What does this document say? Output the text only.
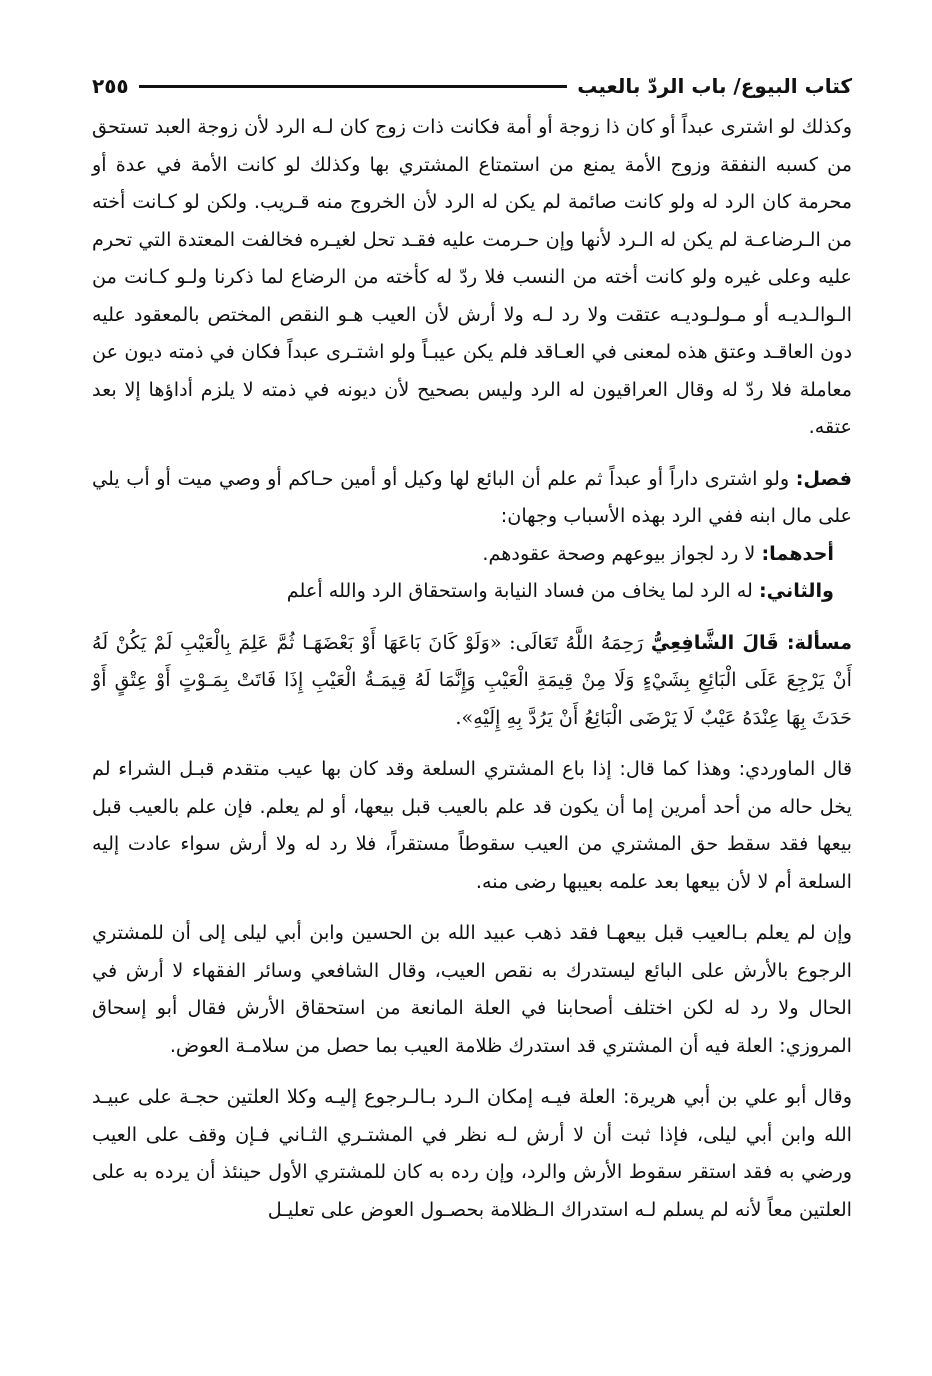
كتاب البيوع/ باب الردّ بالعيب
٢٥٥

وكذلك لو اشترى عبداً أو كان ذا زوجة أو أمة فكانت ذات زوج كان لـه الرد لأن زوجة العبد تستحق من كسبه النفقة وزوج الأمة يمنع من استمتاع المشتري بها وكذلك لو كانت الأمة في عدة أو محرمة كان الرد له ولو كانت صائمة لم يكن له الرد لأن الخروج منه قـريب. ولكن لو كـانت أخته من الـرضاعـة لم يكن له الـرد لأنها وإن حـرمت عليه فقـد تحل لغيـره فخالفت المعتدة التي تحرم عليه وعلى غيره ولو كانت أخته من النسب فلا ردّ له كأخته من الرضاع لما ذكرنا ولـو كـانت من الـوالـديـه أو مـولـوديـه عتقت ولا رد لـه ولا أرش لأن العيب هـو النقص المختص بالمعقود عليه دون العاقـد وعتق هذه لمعنى في العـاقد فلم يكن عيبـاً ولو اشتـرى عبداً فكان في ذمته ديون عن معاملة فلا ردّ له وقال العراقيون له الرد وليس بصحيح لأن ديونه في ذمته لا يلزم أداؤها إلا بعد عتقه.

فصل: ولو اشترى داراً أو عبداً ثم علم أن البائع لها وكيل أو أمين حـاكم أو وصي ميت أو أب يلي على مال ابنه ففي الرد بهذه الأسباب وجهان:

أحدهما: لا رد لجواز بيوعهم وصحة عقودهم.

والثاني: له الرد لما يخاف من فساد النيابة واستحقاق الرد والله أعلم

مسألة: قَالَ الشَّافِعِيُّ رَحِمَهُ اللَّهُ تَعَالَى: «وَلَوْ كَانَ بَاعَهَا أَوْ بَعْضَهَـا ثُمَّ عَلِمَ بِالْعَيْبِ لَمْ يَكُنْ لَهُ أَنْ يَرْجِعَ عَلَى الْبَائِعِ بِشَيْءٍ وَلَا مِنْ قِيمَةِ الْعَيْبِ وَإِنَّمَا لَهُ قِيمَـةُ الْعَيْبِ إِذَا فَاتَتْ بِمَـوْتٍ أَوْ عِتْقٍ أَوْ حَدَثَ بِهَا عِنْدَهُ عَيْبٌ لَا يَرْضَى الْبَائِعُ أَنْ يَرُدَّ بِهِ إِلَيْهِ».

قال الماوردي: وهذا كما قال: إذا باع المشتري السلعة وقد كان بها عيب متقدم قبـل الشراء لم يخل حاله من أحد أمرين إما أن يكون قد علم بالعيب قبل بيعها، أو لم يعلم. فإن علم بالعيب قبل بيعها فقد سقط حق المشتري من العيب سقوطاً مستقراً، فلا رد له ولا أرش سواء عادت إليه السلعة أم لا لأن بيعها بعد علمه بعيبها رضى منه.

وإن لم يعلم بـالعيب قبل بيعهـا فقد ذهب عبيد الله بن الحسين وابن أبي ليلى إلى أن للمشتري الرجوع بالأرش على البائع ليستدرك به نقص العيب، وقال الشافعي وسائر الفقهاء لا أرش في الحال ولا رد له لكن اختلف أصحابنا في العلة المانعة من استحقاق الأرش فقال أبو إسحاق المروزي: العلة فيه أن المشتري قد استدرك ظلامة العيب بما حصل من سلامـة العوض.

وقال أبو علي بن أبي هريرة: العلة فيـه إمكان الـرد بـالـرجوع إليـه وكلا العلتين حجـة على عبيـد الله وابن أبي ليلى، فإذا ثبت أن لا أرش لـه نظر في المشتـري الثـاني فـإن وقف على العيب ورضي به فقد استقر سقوط الأرش والرد، وإن رده به كان للمشتري الأول حينئذ أن يرده به على العلتين معاً لأنه لم يسلم لـه استدراك الـظلامة بحصـول العوض على تعليـل
